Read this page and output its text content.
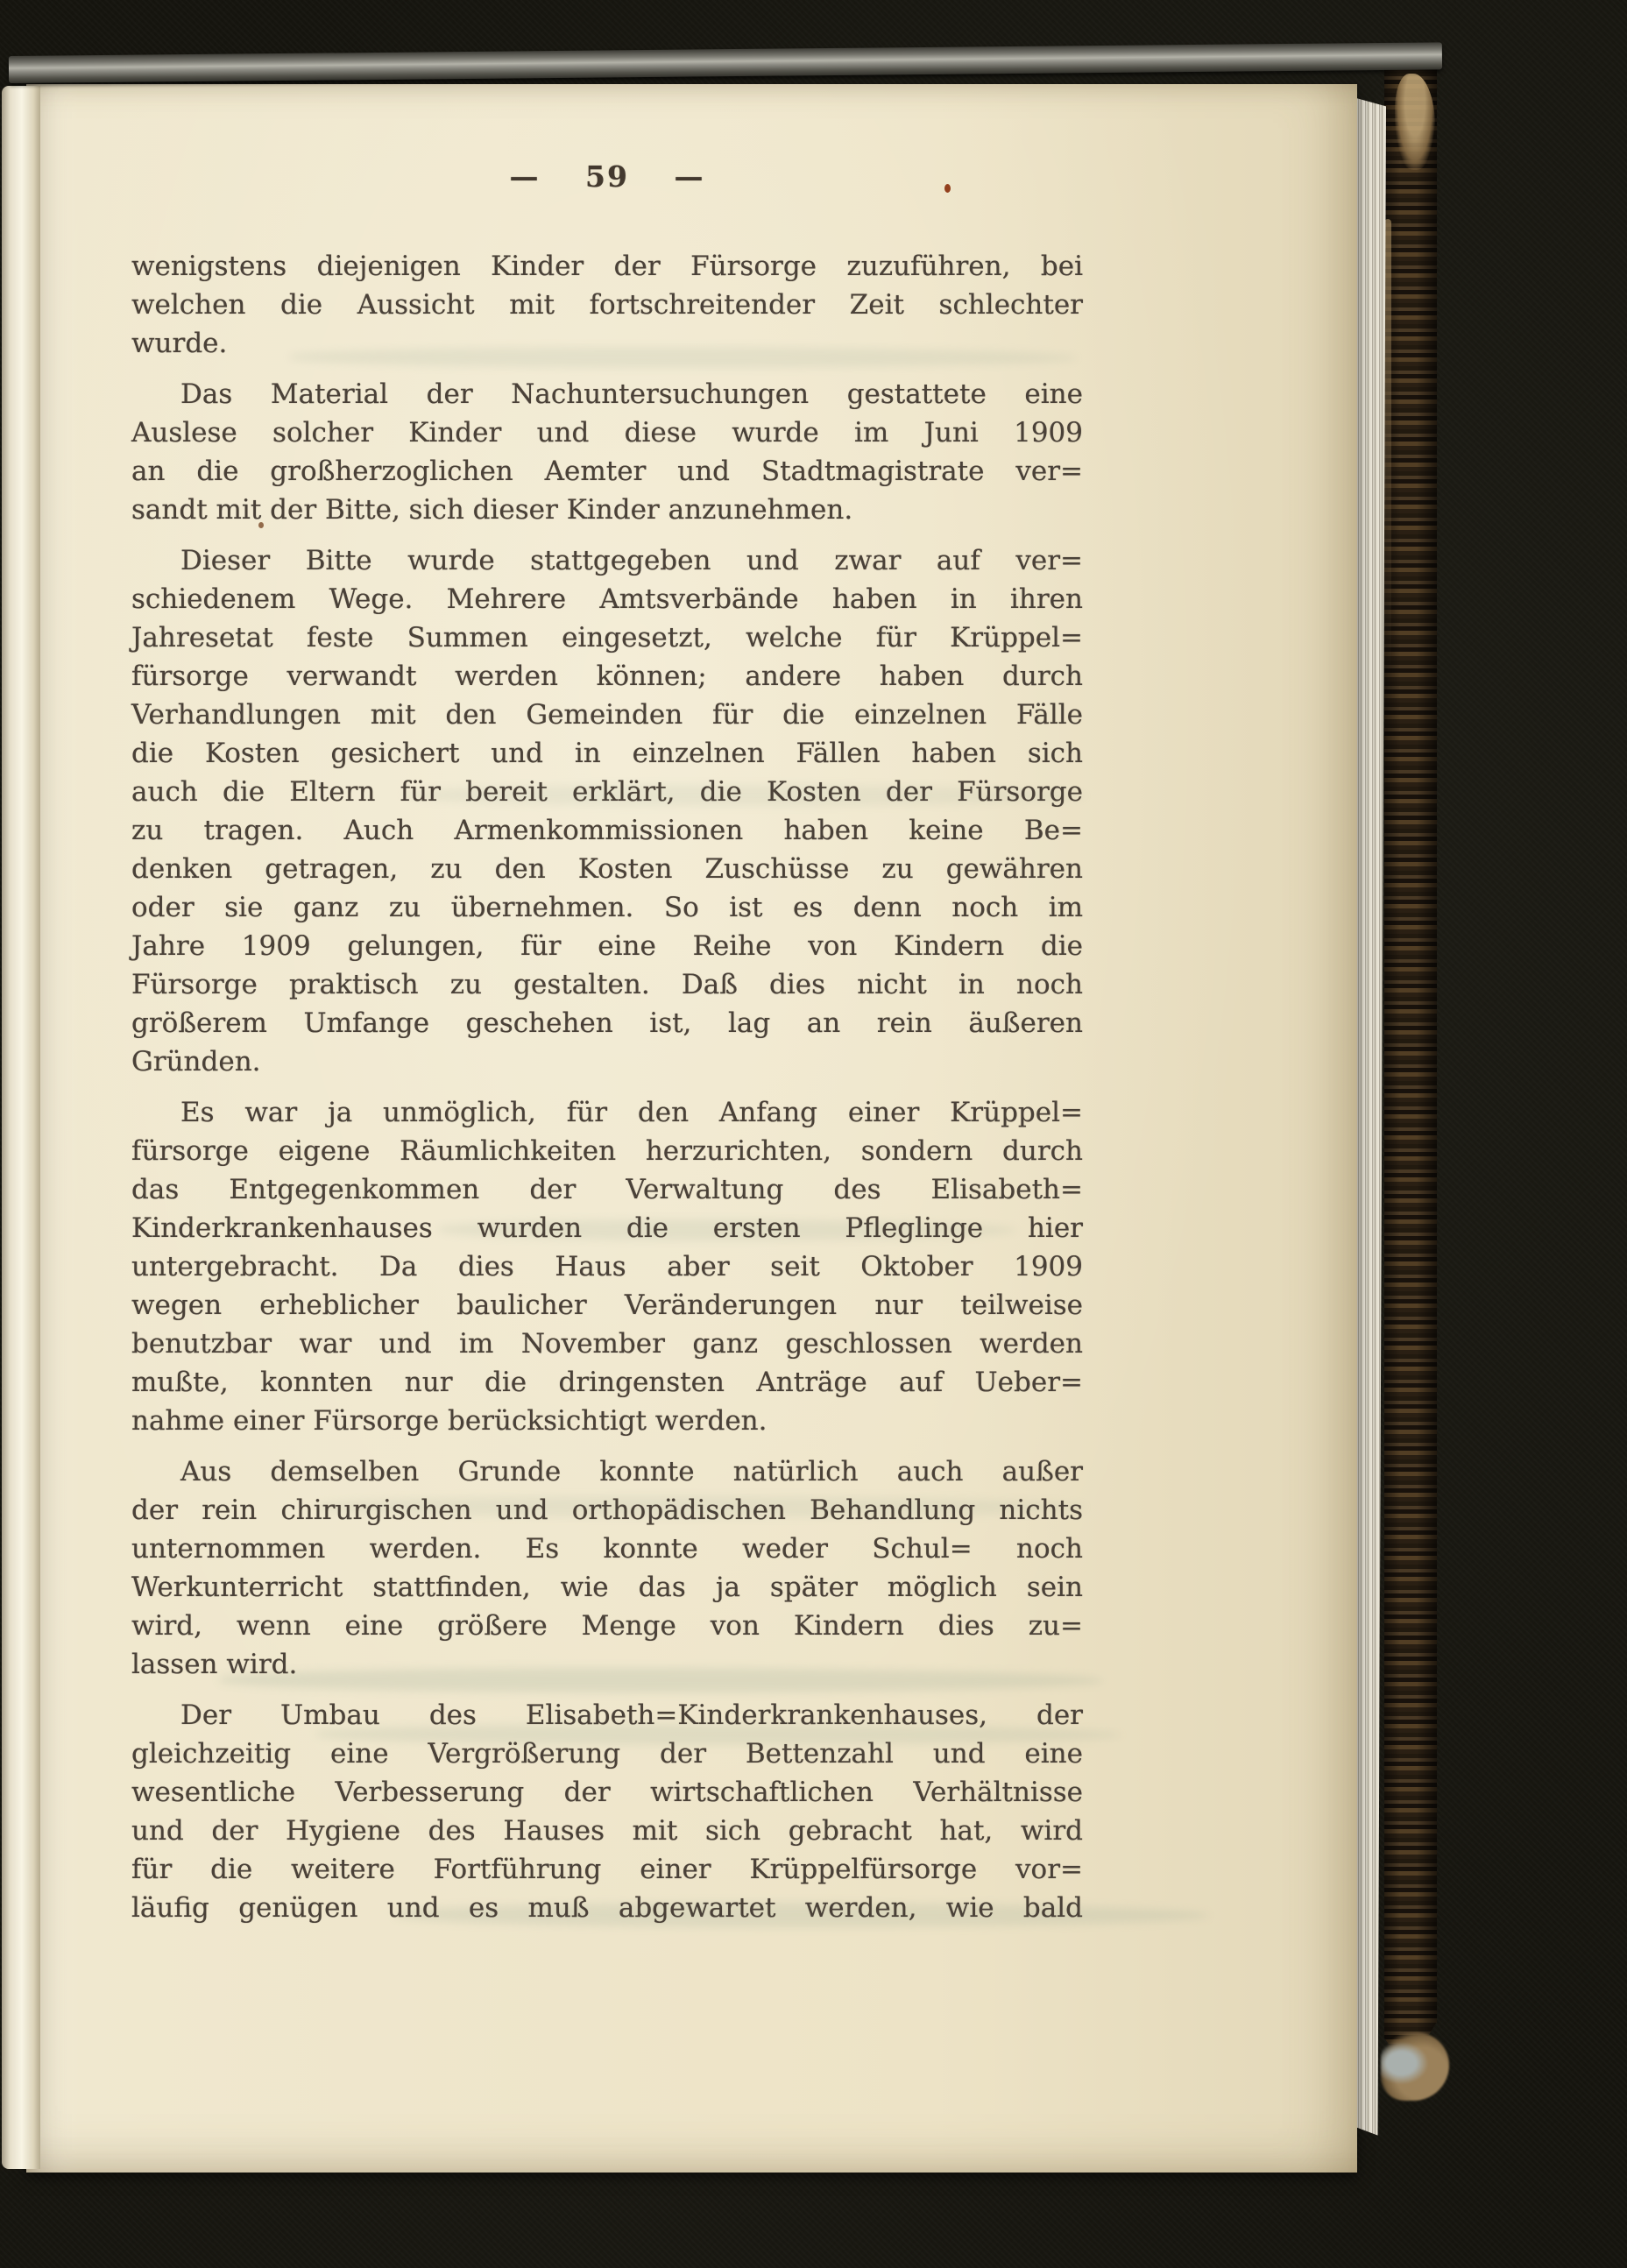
— 59 —
wenigstens diejenigen Kinder der Fürsorge zuzuführen, bei
welchen die Aussicht mit fortschreitender Zeit schlechter
wurde.
Das Material der Nachuntersuchungen gestattete eine
Auslese solcher Kinder und diese wurde im Juni 1909
an die großherzoglichen Aemter und Stadtmagistrate ver=
sandt mit der Bitte, sich dieser Kinder anzunehmen.
Dieser Bitte wurde stattgegeben und zwar auf ver=
schiedenem Wege. Mehrere Amtsverbände haben in ihren
Jahresetat feste Summen eingesetzt, welche für Krüppel=
fürsorge verwandt werden können; andere haben durch
Verhandlungen mit den Gemeinden für die einzelnen Fälle
die Kosten gesichert und in einzelnen Fällen haben sich
auch die Eltern für bereit erklärt, die Kosten der Fürsorge
zu tragen. Auch Armenkommissionen haben keine Be=
denken getragen, zu den Kosten Zuschüsse zu gewähren
oder sie ganz zu übernehmen. So ist es denn noch im
Jahre 1909 gelungen, für eine Reihe von Kindern die
Fürsorge praktisch zu gestalten. Daß dies nicht in noch
größerem Umfange geschehen ist, lag an rein äußeren
Gründen.
Es war ja unmöglich, für den Anfang einer Krüppel=
fürsorge eigene Räumlichkeiten herzurichten, sondern durch
das Entgegenkommen der Verwaltung des Elisabeth=
Kinderkrankenhauses wurden die ersten Pfleglinge hier
untergebracht. Da dies Haus aber seit Oktober 1909
wegen erheblicher baulicher Veränderungen nur teilweise
benutzbar war und im November ganz geschlossen werden
mußte, konnten nur die dringensten Anträge auf Ueber=
nahme einer Fürsorge berücksichtigt werden.
Aus demselben Grunde konnte natürlich auch außer
der rein chirurgischen und orthopädischen Behandlung nichts
unternommen werden. Es konnte weder Schul= noch
Werkunterricht stattfinden, wie das ja später möglich sein
wird, wenn eine größere Menge von Kindern dies zu=
lassen wird.
Der Umbau des Elisabeth=Kinderkrankenhauses, der
gleichzeitig eine Vergrößerung der Bettenzahl und eine
wesentliche Verbesserung der wirtschaftlichen Verhältnisse
und der Hygiene des Hauses mit sich gebracht hat, wird
für die weitere Fortführung einer Krüppelfürsorge vor=
läufig genügen und es muß abgewartet werden, wie bald
